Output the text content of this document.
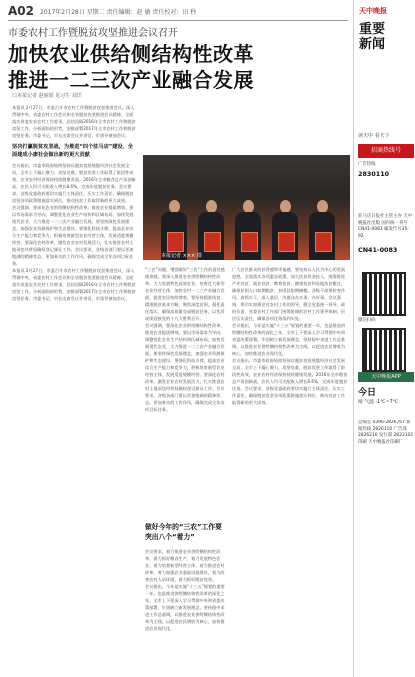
A02 2017年2月28日 星期二 责任编辑：赵 敏 责任校对：田 秒
市委农村工作暨脱贫攻坚推进会议召开
加快农业供给侧结构性改革
推进一二三次产业融合发展
口本报记者 赵丽娟 见习生 刘洋
本报记者 ××× 摄
本报讯 2月27日，市委召开市农村工作暨脱贫攻坚推进会议，深入贯彻中央、省委农村工作会议和全省脱贫攻坚推进会议精神，全面落实省委农业农村工作要求，总结回顾2016年全市农村工作和脱贫攻坚工作，分析面临的形势，安排部署2017年全市农村工作和脱贫攻坚任务。市委书记、市长出席会议并讲话，市领导参加会议。
坚决打赢脱贫攻坚战，为推进“四个驻马店”建设、全面建成小康社会做出新的更大贡献
会议指出，市委市政府始终坚持以脱贫攻坚统揽经济社会发展全局，全市上下凝心聚力、攻坚克难，脱贫攻坚工作取得了阶段性成效，农业农村经济保持持续健康发展。2016年全市粮食总产再创新高，农民人均可支配收入增长8.6%，完成年度脱贫任务。会议要求，各级党委政府要切实履行主体责任，压实工作责任，确保脱贫攻坚各项政策措施落实到位，推动扶贫工作取得新的更大成效。
会议强调，要深化农业供给侧结构性改革，推进农业提质增效。要以市场需求为导向，调整优化农业生产结构和区域布局，加快发展现代农业，大力推进一二三次产业融合发展。要坚持绿色发展理念，加强农业资源保护和生态建设。要强化科技支撑，提高农业综合生产能力和竞争力，积极培育新型农业经营主体，发展适度规模经营。要深化农村改革，激发农业农村发展活力，扎实推进农村土地承包经营权确权登记颁证工作。会议要求，各级各部门要以更加饱满的精神状态，更加务实的工作作风，确保完成全年各项目标任务。
本报讯 2月27日，市委召开市农村工作暨脱贫攻坚推进会议，深入贯彻中央、省委农村工作会议和全省脱贫攻坚推进会议精神，全面落实省委农业农村工作要求，总结回顾2016年全市农村工作和脱贫攻坚工作，分析面临的形势，安排部署2017年全市农村工作和脱贫攻坚任务。市委书记、市长出席会议并讲话，市领导参加会议。
“三农”问题，增强做好“三农”工作的责任感使命感。要深入推进农业供给侧结构性改革，大力发展特色高效农业，培育壮大新型农业经营主体，加快农村一二三产业融合发展，促进农民持续增收。要坚持精准扶贫、精准脱贫基本方略，聚焦深度贫困，强化责任落实，确保高质量完成脱贫任务，以优异成绩迎接党的十九大胜利召开。
会议强调，要深化农业供给侧结构性改革，推进农业提质增效。要以市场需求为导向，调整优化农业生产结构和区域布局，加快发展现代农业，大力推进一二三次产业融合发展。要坚持绿色发展理念，加强农业资源保护和生态建设。要强化科技支撑，提高农业综合生产能力和竞争力，积极培育新型农业经营主体，发展适度规模经营。要深化农村改革，激发农业农村发展活力，扎实推进农村土地承包经营权确权登记颁证工作。会议要求，各级各部门要以更加饱满的精神状态，更加务实的工作作风，确保完成全年各项目标任务。
做好今年的“三农”工作要突出八个“着力”
会议要求，着力推进农业供给侧结构性改革，着力抓好粮食生产，着力发展特色农业，着力培育新型经营主体，着力推进农村改革，着力加强农业基础设施建设，着力改善农村人居环境，着力抓好脱贫攻坚。
会议指出，今年是实施“十三五”规划的重要一年，也是推进供给侧结构性改革的深化之年。全市上下要深入学习贯彻中央和省委决策部署，牢固树立新发展理念，坚持稳中求进工作总基调，以推进农业供给侧结构性改革为主线，以促进农民增收为核心，加快推进农业现代化。
广大农民群众的获得感和幸福感。要坚持以人民为中心的发展思想，全面落实各项惠农政策，加大扶贫资金投入，统筹推进产业扶贫、就业扶贫、教育扶贫、健康扶贫和易地扶贫搬迁，确保贫困人口如期脱贫、贫困县如期摘帽。各级干部要转变作风，真抓实干，深入基层，为群众办实事、办好事。会议强调，要切实加强党对农村工作的领导，健全党委统一领导、政府负责、党委农村工作部门统筹协调的农村工作领导体制，层层压实责任，确保各项任务落到实处。
会议指出，今年是实施“十三五”规划的重要一年，也是推进供给侧结构性改革的深化之年。全市上下要深入学习贯彻中央和省委决策部署，牢固树立新发展理念，坚持稳中求进工作总基调，以推进农业供给侧结构性改革为主线，以促进农民增收为核心，加快推进农业现代化。
会议指出，市委市政府始终坚持以脱贫攻坚统揽经济社会发展全局，全市上下凝心聚力、攻坚克难，脱贫攻坚工作取得了阶段性成效，农业农村经济保持持续健康发展。2016年全市粮食总产再创新高，农民人均可支配收入增长8.6%，完成年度脱贫任务。会议要求，各级党委政府要切实履行主体责任，压实工作责任，确保脱贫攻坚各项政策措施落实到位，推动扶贫工作取得新的更大成效。
天中晚报
重要
新闻
读天中 看天下
招商热线号
广告热线
2830110
驻马店日报社主管主办 天中晚报社出版 国内统一刊号 CN41-0083 邮发代号35-92
CN41-0083
微信扫码
天中晚报APP
今日
晴 气温 -1℃~7℃
总编室 0396-2826767 新闻热线 2826110 广告部 2826210 发行部 2823102 印刷 天中晚报社印刷厂
